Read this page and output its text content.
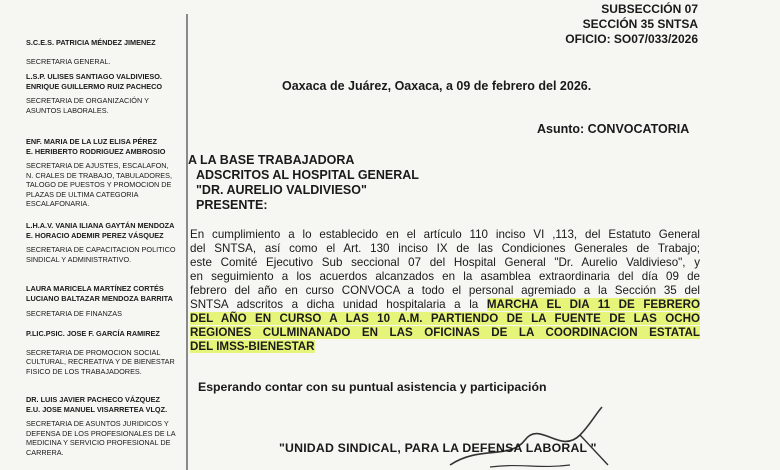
S.C.E.S. PATRICIA MÉNDEZ JIMENEZ
SECRETARIA GENERAL.
L.S.P. ULISES SANTIAGO VALDIVIESO.
ENRIQUE GUILLERMO RUIZ PACHECO
SECRETARIA DE ORGANIZACIÓN Y
ASUNTOS LABORALES.
ENF. MARIA DE LA LUZ ELISA PÉREZ
E. HERIBERTO RODRIGUEZ AMBROSIO
SECRETARIA DE AJUSTES, ESCALAFON,
N. CRALES DE TRABAJO, TABULADORES,
TALOGO DE PUESTOS Y PROMOCION DE
PLAZAS DE ULTIMA CATEGORIA
ESCALAFONARIA.
L.H.A.V. VANIA ILIANA GAYTÁN MENDOZA
E. HORACIO ADEMIR PEREZ VÁSQUEZ
SECRETARIA DE CAPACITACION POLITICO
SINDICAL Y ADMINISTRATIVO.
LAURA MARICELA MARTÍNEZ CORTÉS
LUCIANO BALTAZAR MENDOZA BARRITA
SECRETARIA DE FINANZAS
P.LIC.PSIC. JOSE F. GARCÍA RAMIREZ
SECRETARIA DE PROMOCION SOCIAL
CULTURAL, RECREATIVA Y DE BIENESTAR
FISICO DE LOS TRABAJADORES.
DR. LUIS JAVIER PACHECO VÁZQUEZ
E.U. JOSE MANUEL VISARRETEA VLQZ.
SECRETARIA DE ASUNTOS JURIDICOS Y
DEFENSA DE LOS PROFESIONALES DE LA
MEDICINA Y SERVICIO PROFESIONAL DE
CARRERA.
SUBSECCIÓN 07
SECCIÓN 35 SNTSA
OFICIO: SO07/033/2026
Oaxaca de Juárez, Oaxaca, a 09 de febrero del 2026.
Asunto: CONVOCATORIA
A LA BASE TRABAJADORA
ADSCRITOS AL HOSPITAL GENERAL
"DR. AURELIO VALDIVIESO"
PRESENTE:
En cumplimiento a lo establecido en el artículo 110 inciso VI ,113, del Estatuto General
del SNTSA, así como el Art. 130 inciso IX de las Condiciones Generales de Trabajo;
este Comité Ejecutivo Sub seccional 07 del Hospital General "Dr. Aurelio Valdivieso", y
en seguimiento a los acuerdos alcanzados en la asamblea extraordinaria del día 09 de
febrero del año en curso CONVOCA a todo el personal agremiado a la Sección 35 del
SNTSA adscritos a dicha unidad hospitalaria a la MARCHA EL DIA 11 DE FEBRERO
DEL AÑO EN CURSO A LAS 10 A.M. PARTIENDO DE LA FUENTE DE LAS OCHO
REGIONES CULMINANADO EN LAS OFICINAS DE LA COORDINACION ESTATAL
DEL IMSS-BIENESTAR
Esperando contar con su puntual asistencia y participación
"UNIDAD SINDICAL, PARA LA DEFENSA LABORAL "
